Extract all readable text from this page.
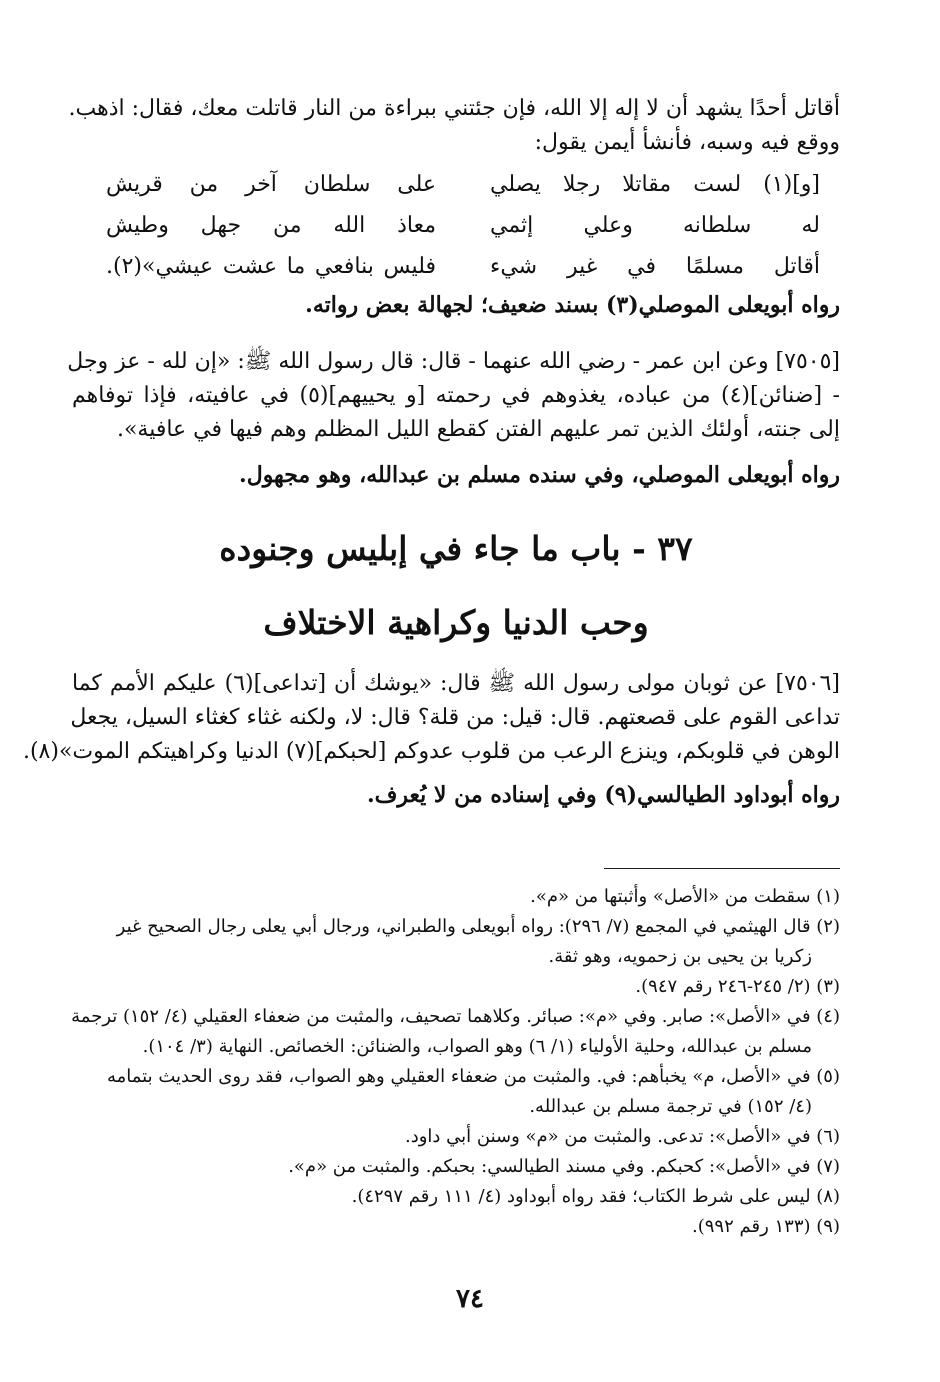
أقاتل أحدًا يشهد أن لا إله إلا الله، فإن جئتني ببراءة من النار قاتلت معك، فقال: اذهب.
ووقع فيه وسبه، فأنشأ أيمن يقول:
[و](١) لست مقاتلا رجلا يصلي
على سلطان آخر من قريش
له سلطانه وعلي إثمي
معاذ الله من جهل وطيش
أقاتل مسلمًا في غير شيء
فليس بنافعي ما عشت عيشي»(٢).
رواه أبويعلى الموصلي(٣) بسند ضعيف؛ لجهالة بعض رواته.
[٧٥٠٥] وعن ابن عمر - رضي الله عنهما - قال: قال رسول الله ﷺ: «إن لله - عز وجل
- [ضنائن](٤) من عباده، يغذوهم في رحمته [و يحييهم](٥) في عافيته، فإذا توفاهم
إلى جنته، أولئك الذين تمر عليهم الفتن كقطع الليل المظلم وهم فيها في عافية».
رواه أبويعلى الموصلي، وفي سنده مسلم بن عبدالله، وهو مجهول.
٣٧ - باب ما جاء في إبليس وجنوده
وحب الدنيا وكراهية الاختلاف
[٧٥٠٦] عن ثوبان مولى رسول الله ﷺ قال: «يوشك أن [تداعى](٦) عليكم الأمم كما
تداعى القوم على قصعتهم. قال: قيل: من قلة؟ قال: لا، ولكنه غثاء كغثاء السيل، يجعل
الوهن في قلوبكم، وينزع الرعب من قلوب عدوكم [لحبكم](٧) الدنيا وكراهيتكم الموت»(٨).
رواه أبوداود الطيالسي(٩) وفي إسناده من لا يُعرف.
(١) سقطت من «الأصل» وأثبتها من «م».
(٢) قال الهيثمي في المجمع (٧/ ٢٩٦): رواه أبويعلى والطبراني، ورجال أبي يعلى رجال الصحيح غير
زكريا بن يحيى بن زحمويه، وهو ثقة.
(٣) (٢/ ٢٤٥-٢٤٦ رقم ٩٤٧).
(٤) في «الأصل»: صابر. وفي «م»: صبائر. وكلاهما تصحيف، والمثبت من ضعفاء العقيلي (٤/ ١٥٢) ترجمة
مسلم بن عبدالله، وحلية الأولياء (١/ ٦) وهو الصواب، والضنائن: الخصائص. النهاية (٣/ ١٠٤).
(٥) في «الأصل، م» يخبأهم: في. والمثبت من ضعفاء العقيلي وهو الصواب، فقد روى الحديث بتمامه
(٤/ ١٥٢) في ترجمة مسلم بن عبدالله.
(٦) في «الأصل»: تدعى. والمثبت من «م» وسنن أبي داود.
(٧) في «الأصل»: كحبكم. وفي مسند الطيالسي: بحبكم. والمثبت من «م».
(٨) ليس على شرط الكتاب؛ فقد رواه أبوداود (٤/ ١١١ رقم ٤٢٩٧).
(٩) (١٣٣ رقم ٩٩٢).
٧٤
